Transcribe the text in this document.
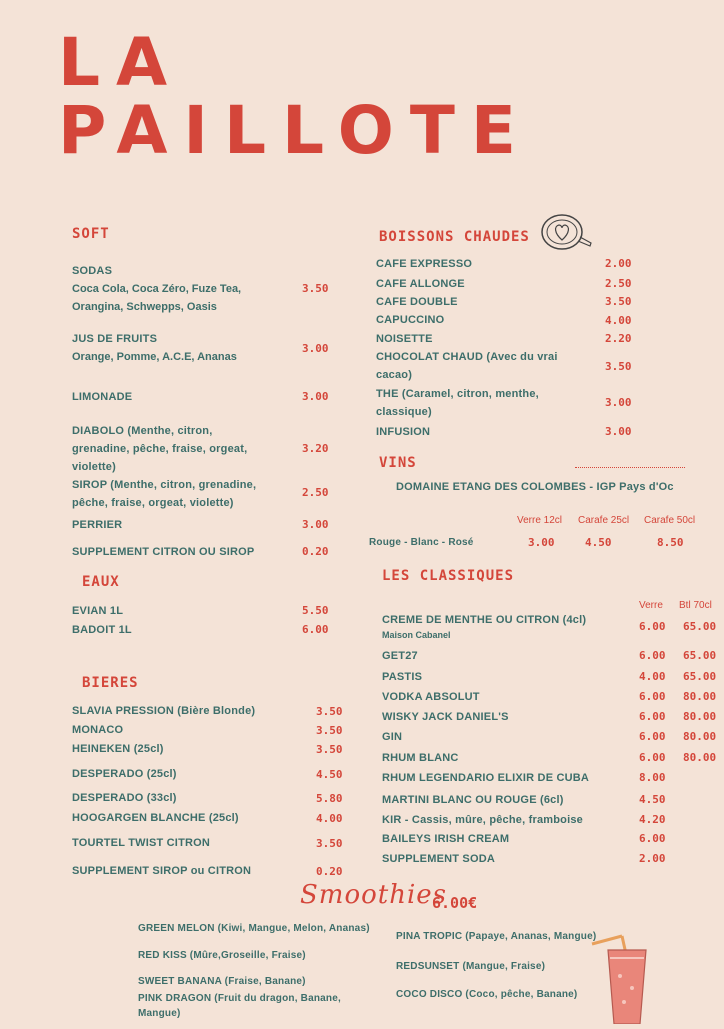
LA
PAILLOTE
SOFT
SODAS
Coca Cola, Coca Zéro, Fuze Tea, Orangina, Schwepps, Oasis
3.50
JUS DE FRUITS
Orange, Pomme, A.C.E, Ananas
3.00
LIMONADE	3.00
DIABOLO (Menthe, citron, grenadine, pêche, fraise, orgeat, violette)
3.20
SIROP (Menthe, citron, grenadine, pêche, fraise, orgeat, violette)
2.50
PERRIER	3.00
SUPPLEMENT CITRON OU SIROP	0.20
EAUX
EVIAN 1L	5.50
BADOIT 1L	6.00
BIERES
SLAVIA PRESSION (Bière Blonde)	3.50
MONACO	3.50
HEINEKEN (25cl)	3.50
DESPERADO (25cl)	4.50
DESPERADO (33cl)	5.80
HOOGARGEN BLANCHE (25cl)	4.00
TOURTEL TWIST CITRON	3.50
SUPPLEMENT SIROP ou CITRON	0.20
BOISSONS CHAUDES
CAFE EXPRESSO	2.00
CAFE ALLONGE	2.50
CAFE DOUBLE	3.50
CAPUCCINO	4.00
NOISETTE	2.20
CHOCOLAT CHAUD (Avec du vrai cacao)
3.50
THE (Caramel, citron, menthe, classique)
3.00
INFUSION	3.00
VINS
DOMAINE ETANG DES COLOMBES - IGP Pays d'Oc
Verre 12cl Carafe 25cl Carafe 50cl
Rouge - Blanc - Rosé	3.00	4.50	8.50
LES CLASSIQUES
Verre Btl 70cl
CREME DE MENTHE OU CITRON (4cl)
Maison Cabanel
6.00 65.00
GET27	6.00 65.00
PASTIS	4.00 65.00
VODKA ABSOLUT	6.00 80.00
WISKY JACK DANIEL'S	6.00 80.00
GIN	6.00 80.00
RHUM BLANC	6.00 80.00
RHUM LEGENDARIO ELIXIR DE CUBA	8.00
MARTINI BLANC OU ROUGE (6cl)	4.50
KIR - Cassis, mûre, pêche, framboise	4.20
BAILEYS IRISH CREAM	6.00
SUPPLEMENT SODA	2.00
Smoothies
6.00€
GREEN MELON (Kiwi, Mangue, Melon, Ananas)
RED KISS (Mûre,Groseille, Fraise)
SWEET BANANA (Fraise, Banane)
PINK DRAGON (Fruit du dragon, Banane, Mangue)
PINA TROPIC (Papaye, Ananas, Mangue)
REDSUNSET (Mangue, Fraise)
COCO DISCO (Coco, pêche, Banane)
